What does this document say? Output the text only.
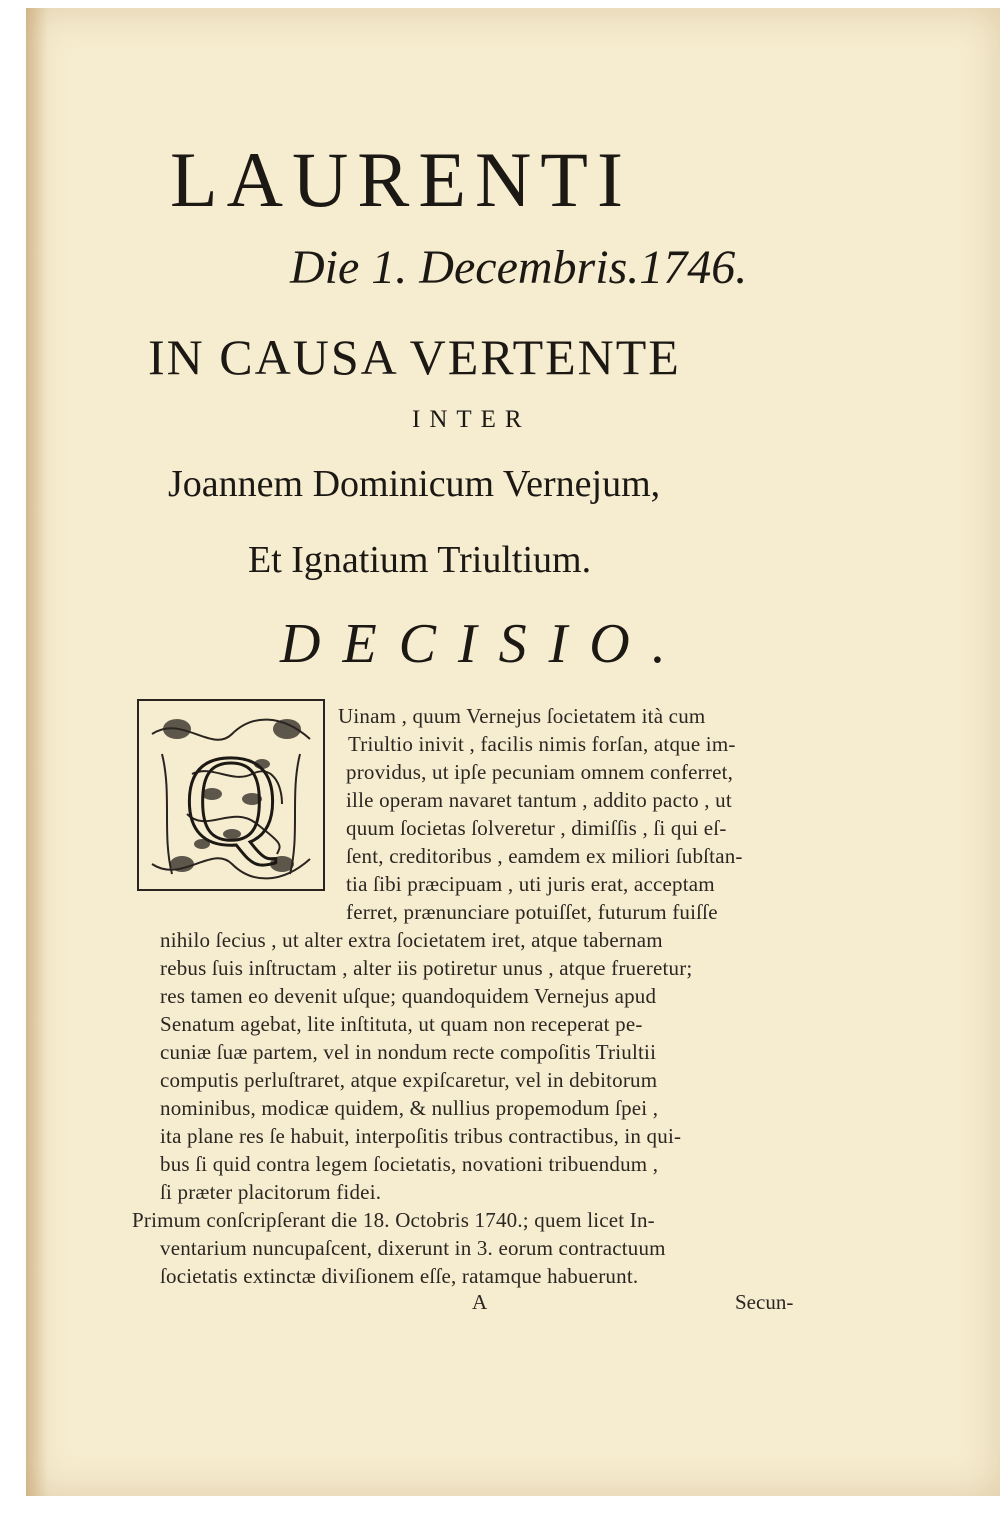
LAURENTI
Die 1. Decembris.1746.
IN CAUSA VERTENTE
INTER
Joannem Dominicum Vernejum,
Et Ignatium Triultium.
DECISIO.
Q
Uinam , quum Vernejus ſocietatem ità cum
Triultio inivit , facilis nimis forſan, atque im-
providus, ut ipſe pecuniam omnem conferret,
ille operam navaret tantum , addito pacto , ut
quum ſocietas ſolveretur , dimiſſis , ſi qui eſ-
ſent, creditoribus , eamdem ex miliori ſubſtan-
tia ſibi præcipuam , uti juris erat, acceptam
ferret, prænunciare potuiſſet, futurum fuiſſe
nihilo ſecius , ut alter extra ſocietatem iret, atque tabernam
rebus ſuis inſtructam , alter iis potiretur unus , atque frueretur;
res tamen eo devenit uſque; quandoquidem Vernejus apud
Senatum agebat, lite inſtituta, ut quam non receperat pe-
cuniæ ſuæ partem, vel in nondum recte compoſitis Triultii
computis perluſtraret, atque expiſcaretur, vel in debitorum
nominibus, modicæ quidem, & nullius propemodum ſpei ,
ita plane res ſe habuit, interpoſitis tribus contractibus, in qui-
bus ſi quid contra legem ſocietatis, novationi tribuendum ,
ſi præter placitorum fidei.
Primum conſcripſerant die 18. Octobris 1740.; quem licet In-
ventarium nuncupaſcent, dixerunt in 3. eorum contractuum
ſocietatis extinctæ diviſionem eſſe, ratamque habuerunt.
A	Secun-
